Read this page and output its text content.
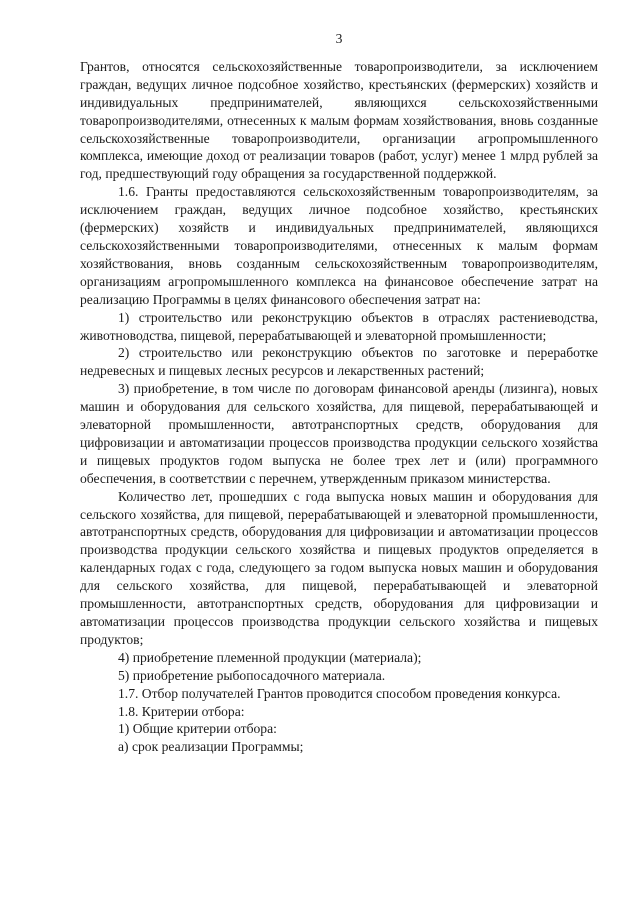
3

Грантов, относятся сельскохозяйственные товаропроизводители, за исключением граждан, ведущих личное подсобное хозяйство, крестьянских (фермерских) хозяйств и индивидуальных предпринимателей, являющихся сельскохозяйственными товаропроизводителями, отнесенных к малым формам хозяйствования, вновь созданные сельскохозяйственные товаропроизводители, организации агропромышленного комплекса, имеющие доход от реализации товаров (работ, услуг) менее 1 млрд рублей за год, предшествующий году обращения за государственной поддержкой.

1.6. Гранты предоставляются сельскохозяйственным товаропроизводителям, за исключением граждан, ведущих личное подсобное хозяйство, крестьянских (фермерских) хозяйств и индивидуальных предпринимателей, являющихся сельскохозяйственными товаропроизводителями, отнесенных к малым формам хозяйствования, вновь созданным сельскохозяйственным товаропроизводителям, организациям агропромышленного комплекса на финансовое обеспечение затрат на реализацию Программы в целях финансового обеспечения затрат на:

1) строительство или реконструкцию объектов в отраслях растениеводства, животноводства, пищевой, перерабатывающей и элеваторной промышленности;

2) строительство или реконструкцию объектов по заготовке и переработке недревесных и пищевых лесных ресурсов и лекарственных растений;

3) приобретение, в том числе по договорам финансовой аренды (лизинга), новых машин и оборудования для сельского хозяйства, для пищевой, перерабатывающей и элеваторной промышленности, автотранспортных средств, оборудования для цифровизации и автоматизации процессов производства продукции сельского хозяйства и пищевых продуктов годом выпуска не более трех лет и (или) программного обеспечения, в соответствии с перечнем, утвержденным приказом министерства.

Количество лет, прошедших с года выпуска новых машин и оборудования для сельского хозяйства, для пищевой, перерабатывающей и элеваторной промышленности, автотранспортных средств, оборудования для цифровизации и автоматизации процессов производства продукции сельского хозяйства и пищевых продуктов определяется в календарных годах с года, следующего за годом выпуска новых машин и оборудования для сельского хозяйства, для пищевой, перерабатывающей и элеваторной промышленности, автотранспортных средств, оборудования для цифровизации и автоматизации процессов производства продукции сельского хозяйства и пищевых продуктов;

4) приобретение племенной продукции (материала);

5) приобретение рыбопосадочного материала.

1.7. Отбор получателей Грантов проводится способом проведения конкурса.

1.8. Критерии отбора:

1) Общие критерии отбора:

а) срок реализации Программы;
